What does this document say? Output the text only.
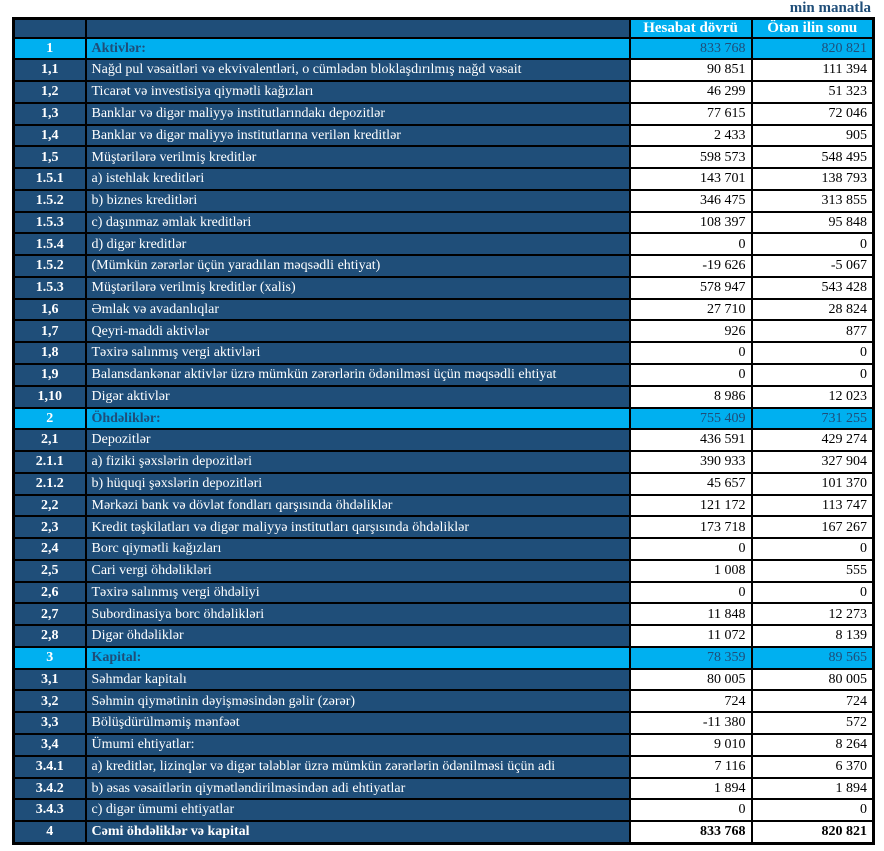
min manatla
		Hesabat dövrü	Ötən ilin sonu
1	Aktivlər:	833 768	820 821
1,1	Nağd pul vəsaitləri və ekvivalentləri, o cümlədən bloklaşdırılmış nağd vəsait	90 851	111 394
1,2	Ticarət və investisiya qiymətli kağızları	46 299	51 323
1,3	Banklar və digər maliyyə institutlarındakı depozitlər	77 615	72 046
1,4	Banklar və digər maliyyə institutlarına verilən kreditlər	2 433	905
1,5	Müştərilərə verilmiş kreditlər	598 573	548 495
1.5.1	a) istehlak kreditləri	143 701	138 793
1.5.2	b) biznes kreditləri	346 475	313 855
1.5.3	c) daşınmaz əmlak kreditləri	108 397	95 848
1.5.4	d) digər kreditlər	0	0
1.5.2	(Mümkün zərərlər üçün yaradılan məqsədli ehtiyat)	-19 626	-5 067
1.5.3	Müştərilərə verilmiş kreditlər (xalis)	578 947	543 428
1,6	Əmlak və avadanlıqlar	27 710	28 824
1,7	Qeyri-maddi aktivlər	926	877
1,8	Təxirə salınmış vergi aktivləri	0	0
1,9	Balansdankənar aktivlər üzrə mümkün zərərlərin ödənilməsi üçün məqsədli ehtiyat	0	0
1,10	Digər aktivlər	8 986	12 023
2	Öhdəliklər:	755 409	731 255
2,1	Depozitlər	436 591	429 274
2.1.1	a) fiziki şəxslərin depozitləri	390 933	327 904
2.1.2	b) hüquqi şəxslərin depozitləri	45 657	101 370
2,2	Mərkəzi bank və dövlət fondları qarşısında öhdəliklər	121 172	113 747
2,3	Kredit təşkilatları və digər maliyyə institutları qarşısında öhdəliklər	173 718	167 267
2,4	Borc qiymətli kağızları	0	0
2,5	Cari vergi öhdəlikləri	1 008	555
2,6	Təxirə salınmış vergi öhdəliyi	0	0
2,7	Subordinasiya borc öhdəlikləri	11 848	12 273
2,8	Digər öhdəliklər	11 072	8 139
3	Kapital:	78 359	89 565
3,1	Səhmdar kapitalı	80 005	80 005
3,2	Səhmin qiymətinin dəyişməsindən gəlir (zərər)	724	724
3,3	Bölüşdürülməmiş mənfəət	-11 380	572
3,4	Ümumi ehtiyatlar:	9 010	8 264
3.4.1	a) kreditlər, lizinqlər və digər tələblər üzrə mümkün zərərlərin ödənilməsi üçün adi	7 116	6 370
3.4.2	b) əsas vəsaitlərin qiymətləndirilməsindən adi ehtiyatlar	1 894	1 894
3.4.3	c) digər ümumi ehtiyatlar	0	0
4	Cəmi öhdəliklər və kapital	833 768	820 821
